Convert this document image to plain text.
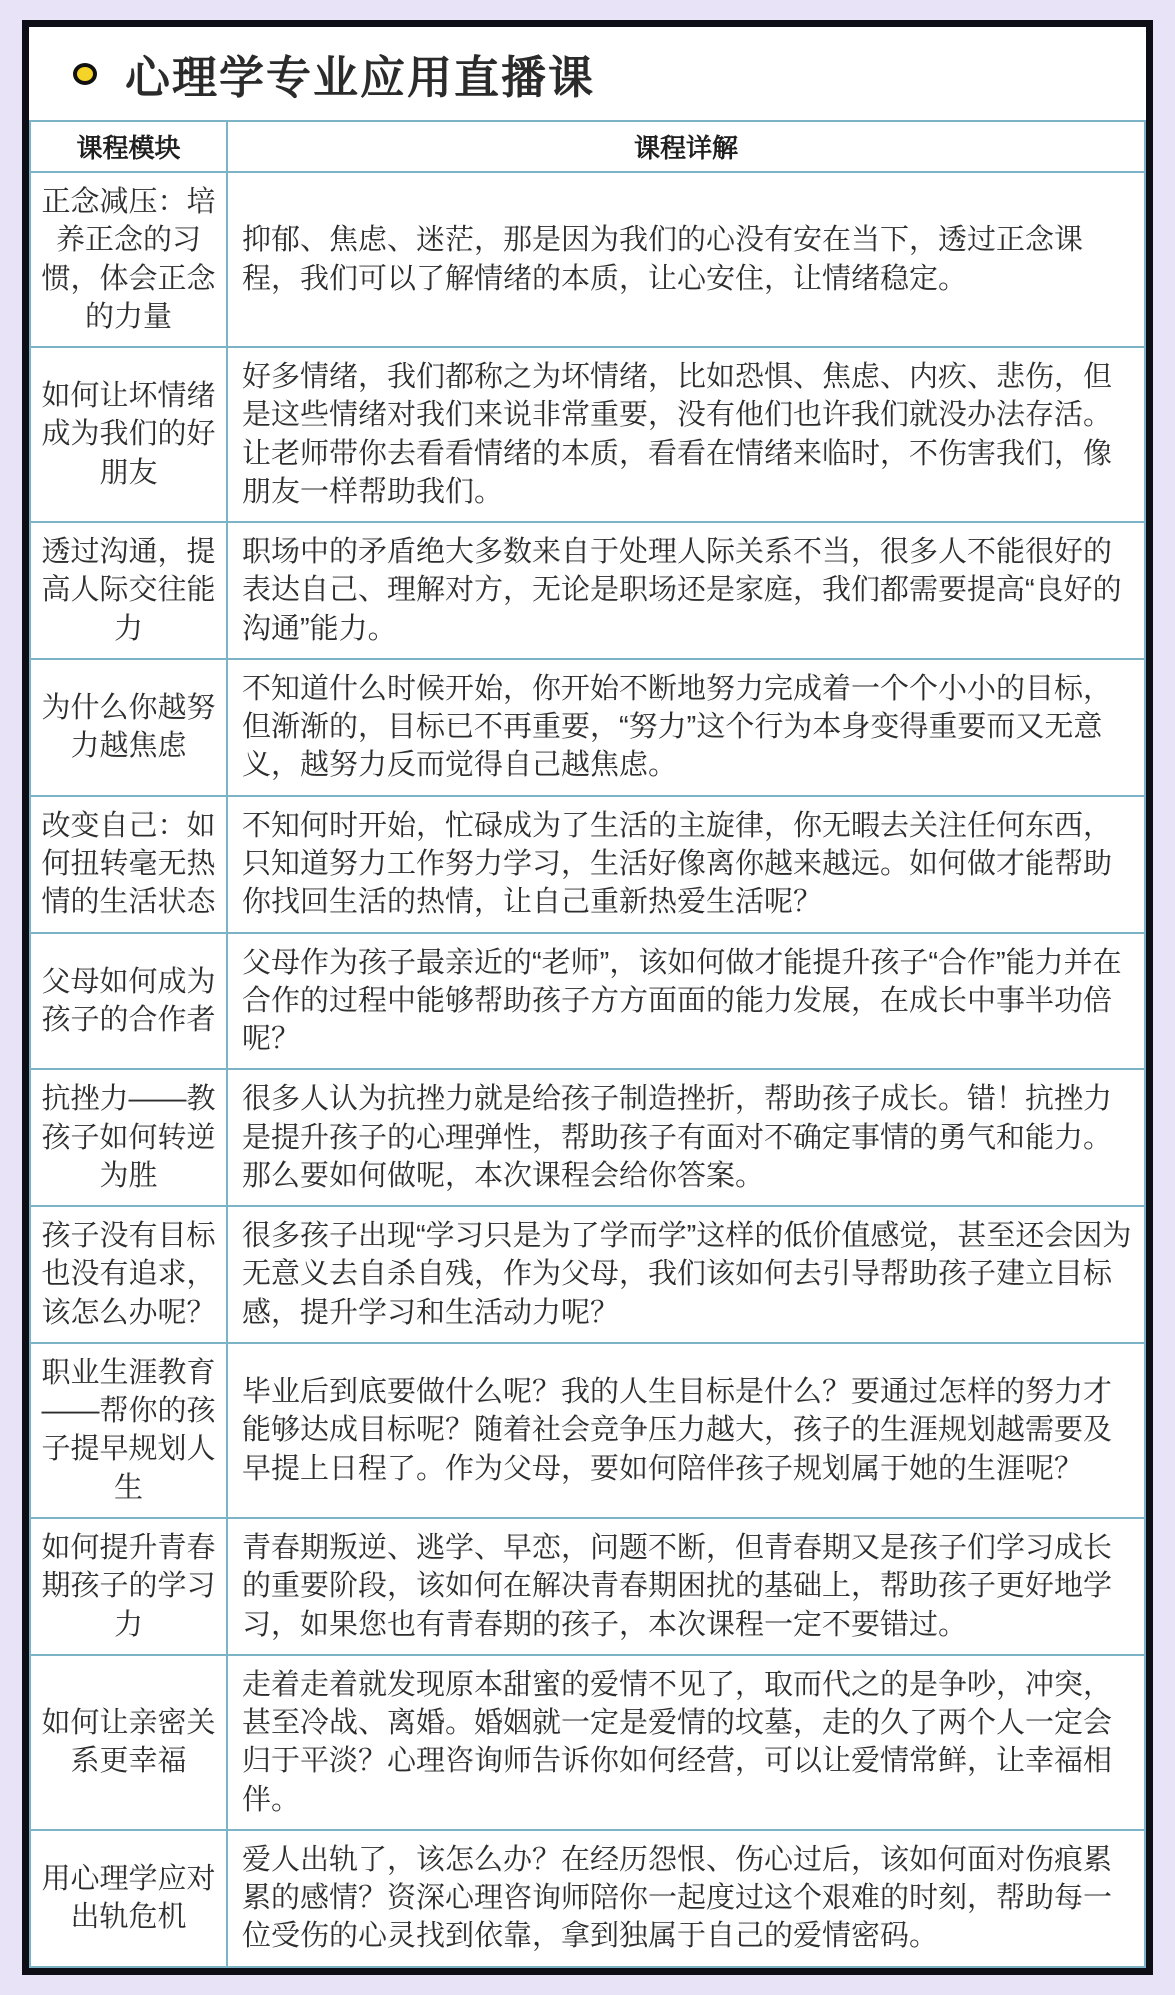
心理学专业应用直播课
课程模块	课程详解
正念减压：培养正念的习惯，体会正念的力量	抑郁、焦虑、迷茫，那是因为我们的心没有安在当下，透过正念课程，我们可以了解情绪的本质，让心安住，让情绪稳定。
如何让坏情绪成为我们的好朋友	好多情绪，我们都称之为坏情绪，比如恐惧、焦虑、内疚、悲伤，但是这些情绪对我们来说非常重要，没有他们也许我们就没办法存活。让老师带你去看看情绪的本质，看看在情绪来临时，不伤害我们，像朋友一样帮助我们。
透过沟通，提高人际交往能力	职场中的矛盾绝大多数来自于处理人际关系不当，很多人不能很好的表达自己、理解对方，无论是职场还是家庭，我们都需要提高“良好的沟通”能力。
为什么你越努力越焦虑	不知道什么时候开始，你开始不断地努力完成着一个个小小的目标，但渐渐的，目标已不再重要，“努力”这个行为本身变得重要而又无意义，越努力反而觉得自己越焦虑。
改变自己：如何扭转毫无热情的生活状态	不知何时开始，忙碌成为了生活的主旋律，你无暇去关注任何东西，只知道努力工作努力学习，生活好像离你越来越远。如何做才能帮助你找回生活的热情，让自己重新热爱生活呢？
父母如何成为孩子的合作者	父母作为孩子最亲近的“老师”，该如何做才能提升孩子“合作”能力并在合作的过程中能够帮助孩子方方面面的能力发展，在成长中事半功倍呢？
抗挫力——教孩子如何转逆为胜	很多人认为抗挫力就是给孩子制造挫折，帮助孩子成长。错！抗挫力是提升孩子的心理弹性，帮助孩子有面对不确定事情的勇气和能力。那么要如何做呢，本次课程会给你答案。
孩子没有目标也没有追求，该怎么办呢？	很多孩子出现“学习只是为了学而学”这样的低价值感觉，甚至还会因为无意义去自杀自残，作为父母，我们该如何去引导帮助孩子建立目标感，提升学习和生活动力呢？
职业生涯教育——帮你的孩子提早规划人生	毕业后到底要做什么呢？我的人生目标是什么？要通过怎样的努力才能够达成目标呢？随着社会竞争压力越大，孩子的生涯规划越需要及早提上日程了。作为父母，要如何陪伴孩子规划属于她的生涯呢？
如何提升青春期孩子的学习力	青春期叛逆、逃学、早恋，问题不断，但青春期又是孩子们学习成长的重要阶段，该如何在解决青春期困扰的基础上，帮助孩子更好地学习，如果您也有青春期的孩子，本次课程一定不要错过。
如何让亲密关系更幸福	走着走着就发现原本甜蜜的爱情不见了，取而代之的是争吵，冲突，甚至冷战、离婚。婚姻就一定是爱情的坟墓，走的久了两个人一定会归于平淡？心理咨询师告诉你如何经营，可以让爱情常鲜，让幸福相伴。
用心理学应对出轨危机	爱人出轨了，该怎么办？在经历怨恨、伤心过后，该如何面对伤痕累累的感情？资深心理咨询师陪你一起度过这个艰难的时刻，帮助每一位受伤的心灵找到依靠，拿到独属于自己的爱情密码。
